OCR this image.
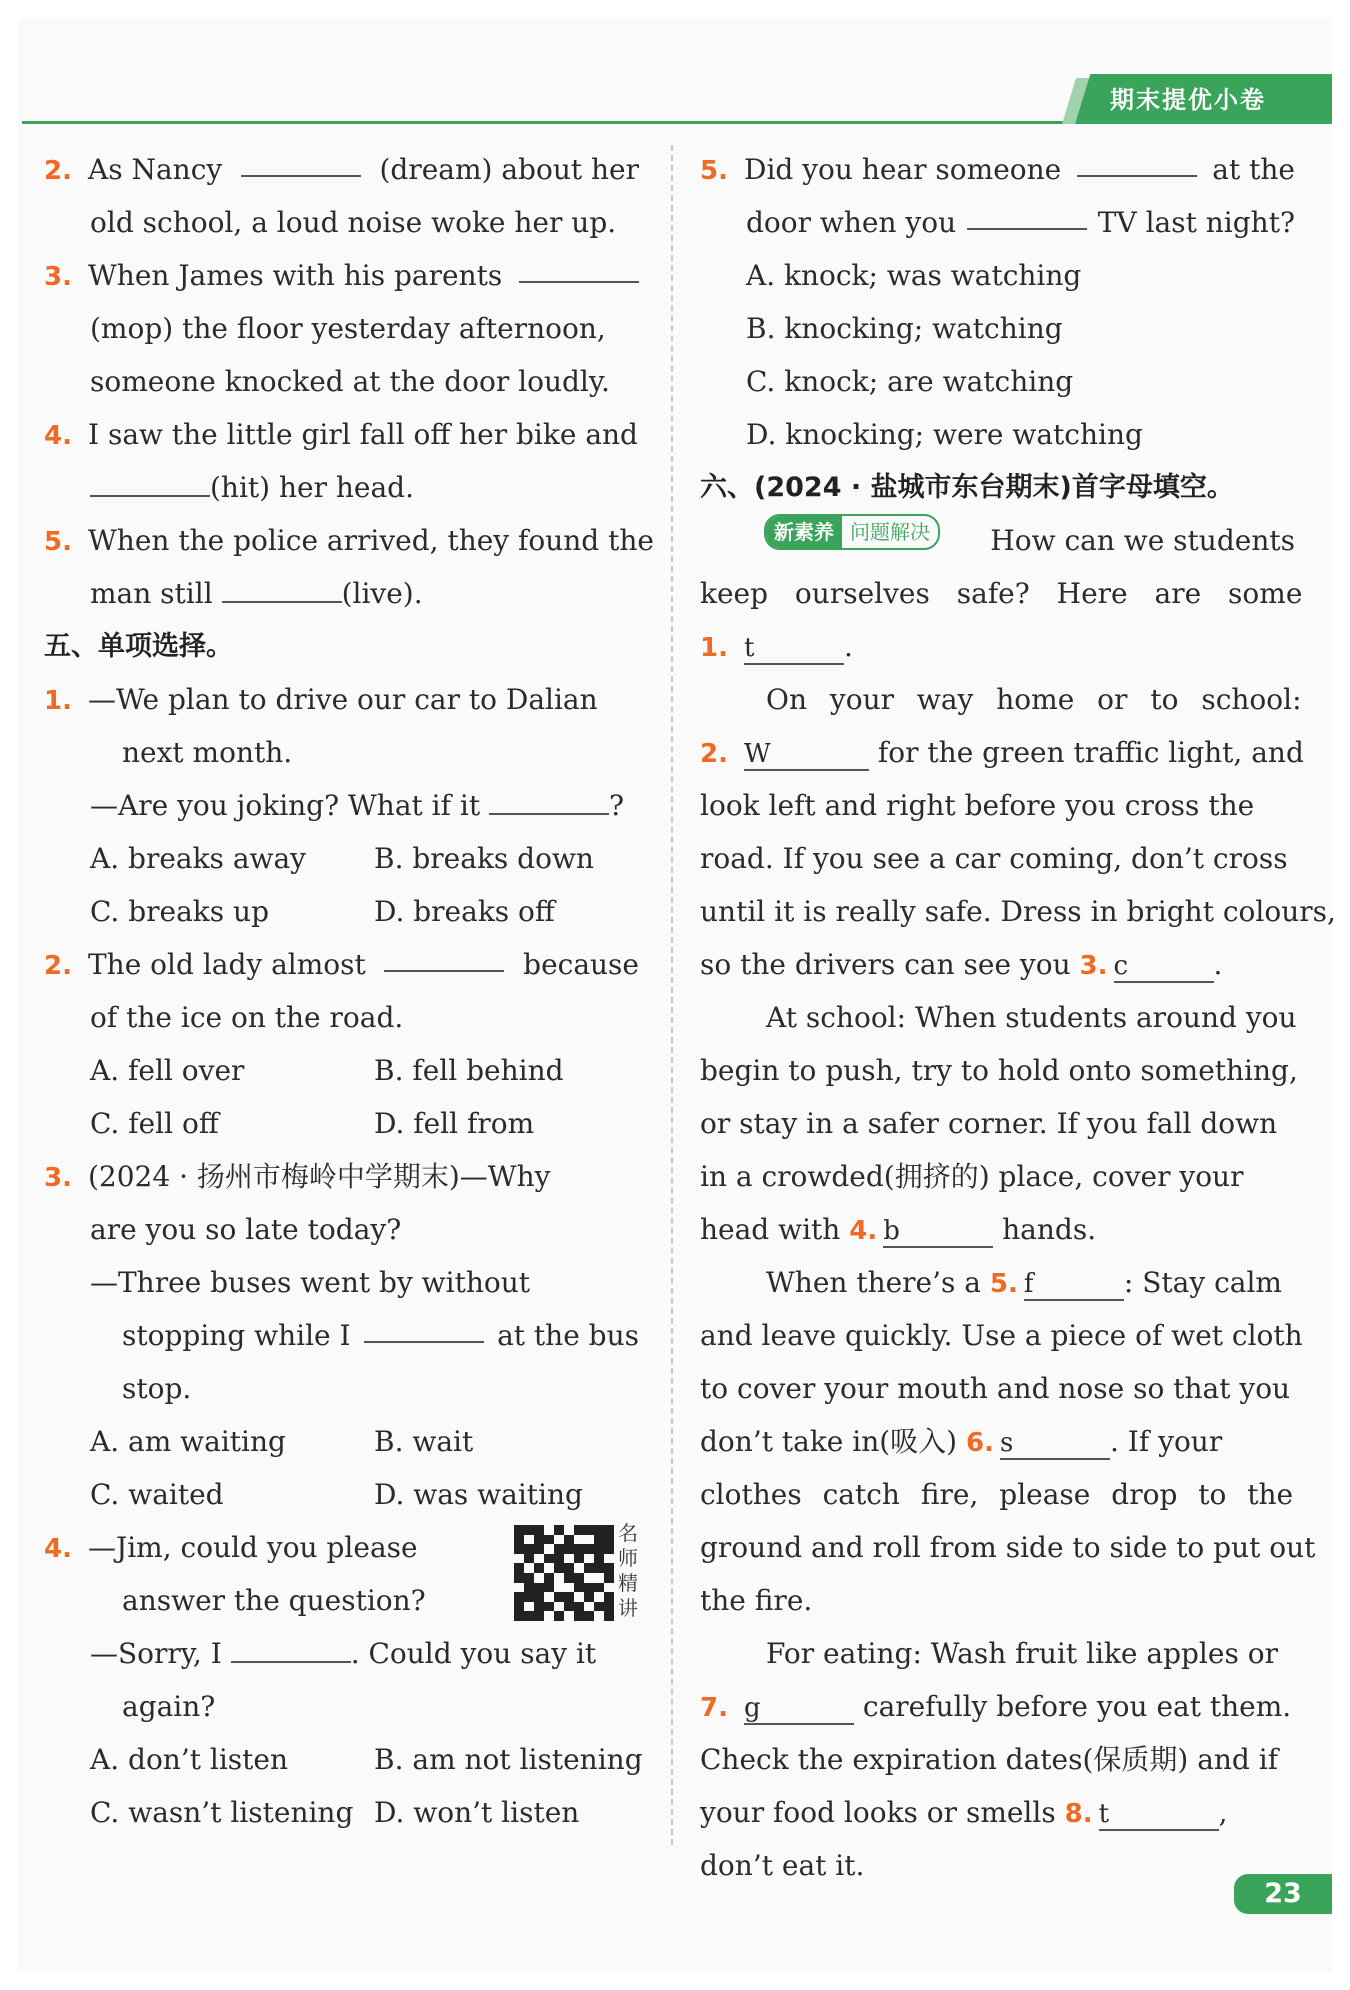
期末提优小卷
2. As Nancy	(dream) about her
old school, a loud noise woke her up.
3. When James with his parents
(mop) the floor yesterday afternoon,
someone knocked at the door loudly.
4. I saw the little girl fall off her bike and
(hit) her head.
5. When the police arrived, they found the
man still	(live).
五、单项选择。
1. —We plan to drive our car to Dalian
next month.
—Are you joking? What if it	?
A. breaks away B. breaks down
C. breaks up	D. breaks off
2. The old lady almost	because
of the ice on the road.
A. fell over	B. fell behind
C. fell off	D. fell from
3. (2024 · 扬州市梅岭中学期末)—Why
are you so late today?
—Three buses went by without
stopping while I	at the bus
stop.
A. am waiting	B. wait
C. waited	D. was waiting
4. —Jim, could you please
answer the question?
名师精讲
—Sorry, I	. Could you say it
again?
A. don’t listen	B. am not listening
C. wasn’t listening D. won’t listen
5. Did you hear someone	at the
door when you	TV last night?
A. knock; was watching
B. knocking; watching
C. knock; are watching
D. knocking; were watching
六、(2024 · 盐城市东台期末)首字母填空。
新素养 问题解决 How can we students
keep ourselves safe? Here are some
1. t	.
On your way home or to school:
2. W	for the green traffic light, and
look left and right before you cross the
road. If you see a car coming, don’t cross
until it is really safe. Dress in bright colours,
so the drivers can see you 3. c	.
At school: When students around you
begin to push, try to hold onto something,
or stay in a safer corner. If you fall down
in a crowded(拥挤的) place, cover your
head with 4. b	hands.
When there’s a 5. f	: Stay calm
and leave quickly. Use a piece of wet cloth
to cover your mouth and nose so that you
don’t take in(吸入) 6. s	. If your
clothes catch fire, please drop to the
ground and roll from side to side to put out
the fire.
For eating: Wash fruit like apples or
7. g	carefully before you eat them.
Check the expiration dates(保质期) and if
your food looks or smells 8. t	,
don’t eat it.
23
